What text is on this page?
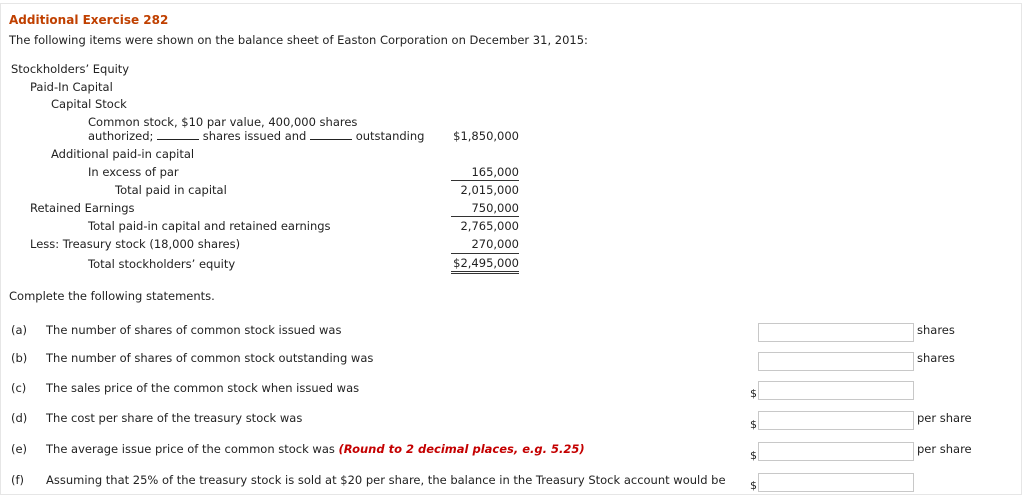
Additional Exercise 282
The following items were shown on the balance sheet of Easton Corporation on December 31, 2015:
Stockholders’ Equity
Paid-In Capital
Capital Stock
Common stock, $10 par value, 400,000 shares
authorized;	shares issued and	outstanding $1,850,000
Additional paid-in capital
In excess of par	165,000
Total paid in capital	2,015,000
Retained Earnings	750,000
Total paid-in capital and retained earnings	2,765,000
Less: Treasury stock (18,000 shares)	270,000
Total stockholders’ equity	$2,495,000
Complete the following statements.
(a) The number of shares of common stock issued was	shares
(b) The number of shares of common stock outstanding was	shares
(c) The sales price of the common stock when issued was	$
(d) The cost per share of the treasury stock was	$	per share
(e) The average issue price of the common stock was (Round to 2 decimal places, e.g. 5.25)	$	per share
(f) Assuming that 25% of the treasury stock is sold at $20 per share, the balance in the Treasury Stock account would be $
